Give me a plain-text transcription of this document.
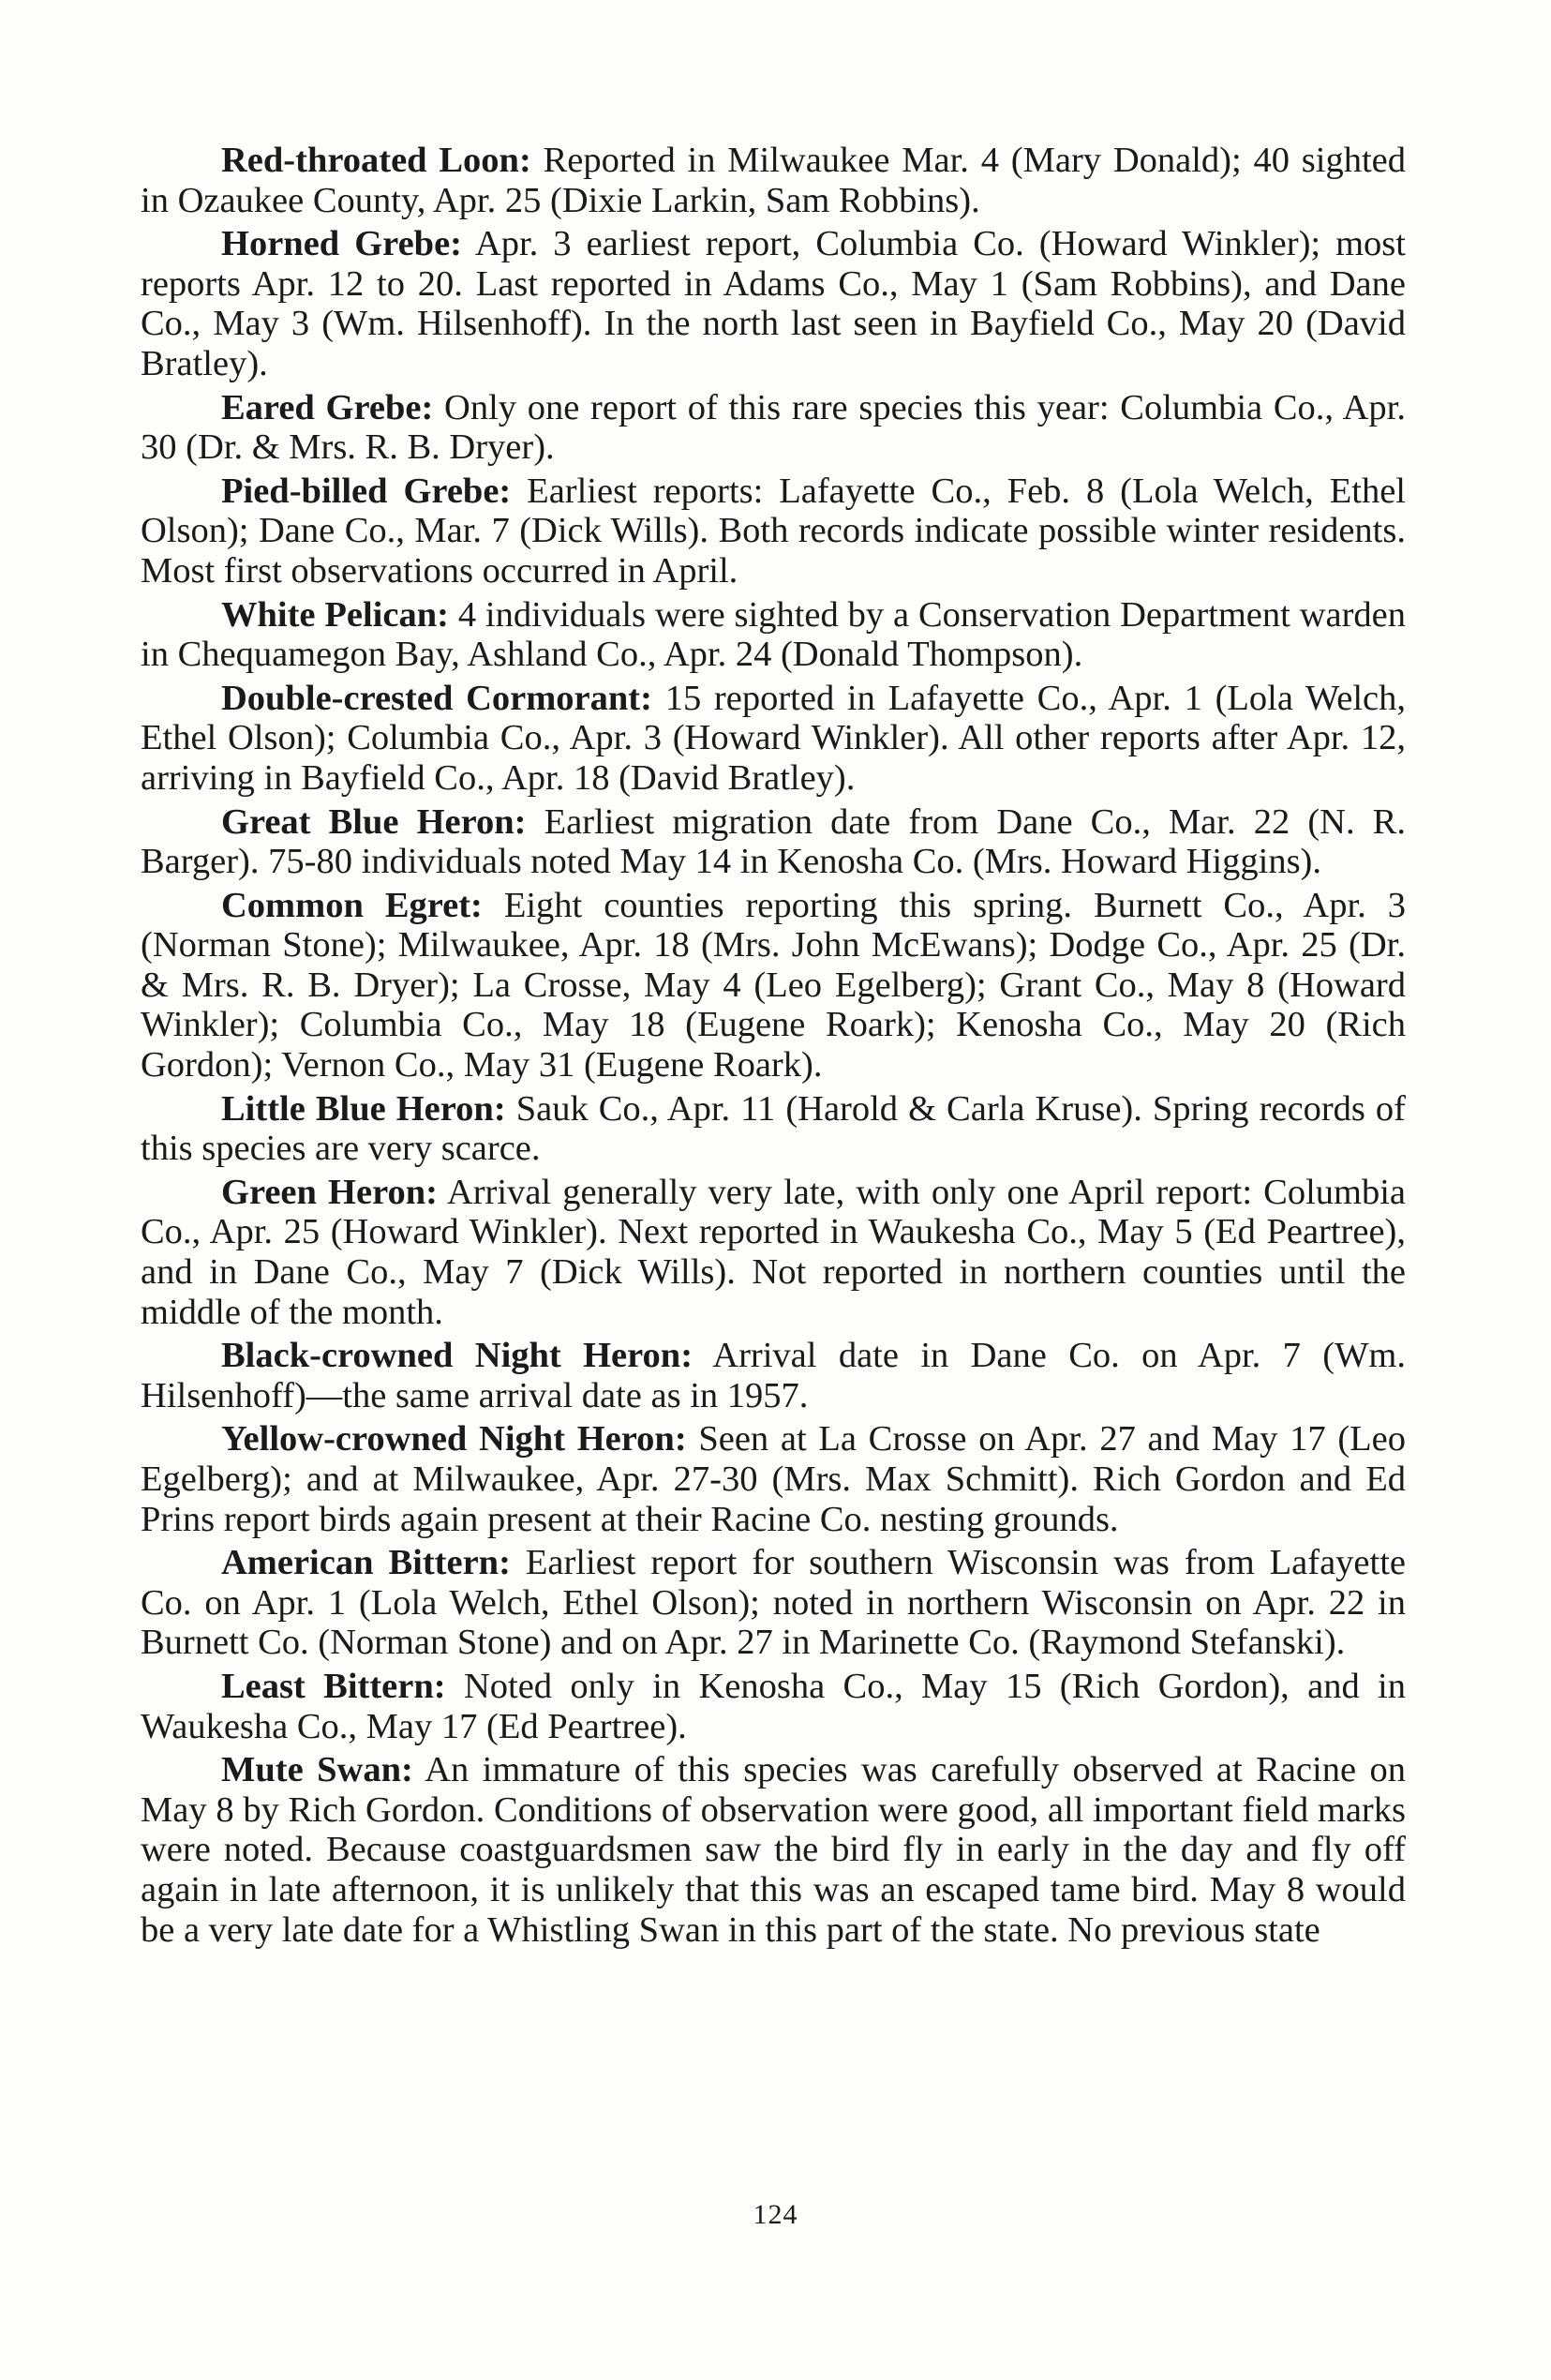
Red-throated Loon: Reported in Milwaukee Mar. 4 (Mary Donald); 40 sighted in Ozaukee County, Apr. 25 (Dixie Larkin, Sam Robbins).

Horned Grebe: Apr. 3 earliest report, Columbia Co. (Howard Winkler); most reports Apr. 12 to 20. Last reported in Adams Co., May 1 (Sam Robbins), and Dane Co., May 3 (Wm. Hilsenhoff). In the north last seen in Bayfield Co., May 20 (David Bratley).

Eared Grebe: Only one report of this rare species this year: Columbia Co., Apr. 30 (Dr. & Mrs. R. B. Dryer).

Pied-billed Grebe: Earliest reports: Lafayette Co., Feb. 8 (Lola Welch, Ethel Olson); Dane Co., Mar. 7 (Dick Wills). Both records indicate possible winter residents. Most first observations occurred in April.

White Pelican: 4 individuals were sighted by a Conservation Department warden in Chequamegon Bay, Ashland Co., Apr. 24 (Donald Thompson).

Double-crested Cormorant: 15 reported in Lafayette Co., Apr. 1 (Lola Welch, Ethel Olson); Columbia Co., Apr. 3 (Howard Winkler). All other reports after Apr. 12, arriving in Bayfield Co., Apr. 18 (David Bratley).

Great Blue Heron: Earliest migration date from Dane Co., Mar. 22 (N. R. Barger). 75-80 individuals noted May 14 in Kenosha Co. (Mrs. Howard Higgins).

Common Egret: Eight counties reporting this spring. Burnett Co., Apr. 3 (Norman Stone); Milwaukee, Apr. 18 (Mrs. John McEwans); Dodge Co., Apr. 25 (Dr. & Mrs. R. B. Dryer); La Crosse, May 4 (Leo Egelberg); Grant Co., May 8 (Howard Winkler); Columbia Co., May 18 (Eugene Roark); Kenosha Co., May 20 (Rich Gordon); Vernon Co., May 31 (Eugene Roark).

Little Blue Heron: Sauk Co., Apr. 11 (Harold & Carla Kruse). Spring records of this species are very scarce.

Green Heron: Arrival generally very late, with only one April report: Columbia Co., Apr. 25 (Howard Winkler). Next reported in Waukesha Co., May 5 (Ed Peartree), and in Dane Co., May 7 (Dick Wills). Not reported in northern counties until the middle of the month.

Black-crowned Night Heron: Arrival date in Dane Co. on Apr. 7 (Wm. Hilsenhoff)—the same arrival date as in 1957.

Yellow-crowned Night Heron: Seen at La Crosse on Apr. 27 and May 17 (Leo Egelberg); and at Milwaukee, Apr. 27-30 (Mrs. Max Schmitt). Rich Gordon and Ed Prins report birds again present at their Racine Co. nesting grounds.

American Bittern: Earliest report for southern Wisconsin was from Lafayette Co. on Apr. 1 (Lola Welch, Ethel Olson); noted in northern Wisconsin on Apr. 22 in Burnett Co. (Norman Stone) and on Apr. 27 in Marinette Co. (Raymond Stefanski).

Least Bittern: Noted only in Kenosha Co., May 15 (Rich Gordon), and in Waukesha Co., May 17 (Ed Peartree).

Mute Swan: An immature of this species was carefully observed at Racine on May 8 by Rich Gordon. Conditions of observation were good, all important field marks were noted. Because coastguardsmen saw the bird fly in early in the day and fly off again in late afternoon, it is unlikely that this was an escaped tame bird. May 8 would be a very late date for a Whistling Swan in this part of the state. No previous state

124
